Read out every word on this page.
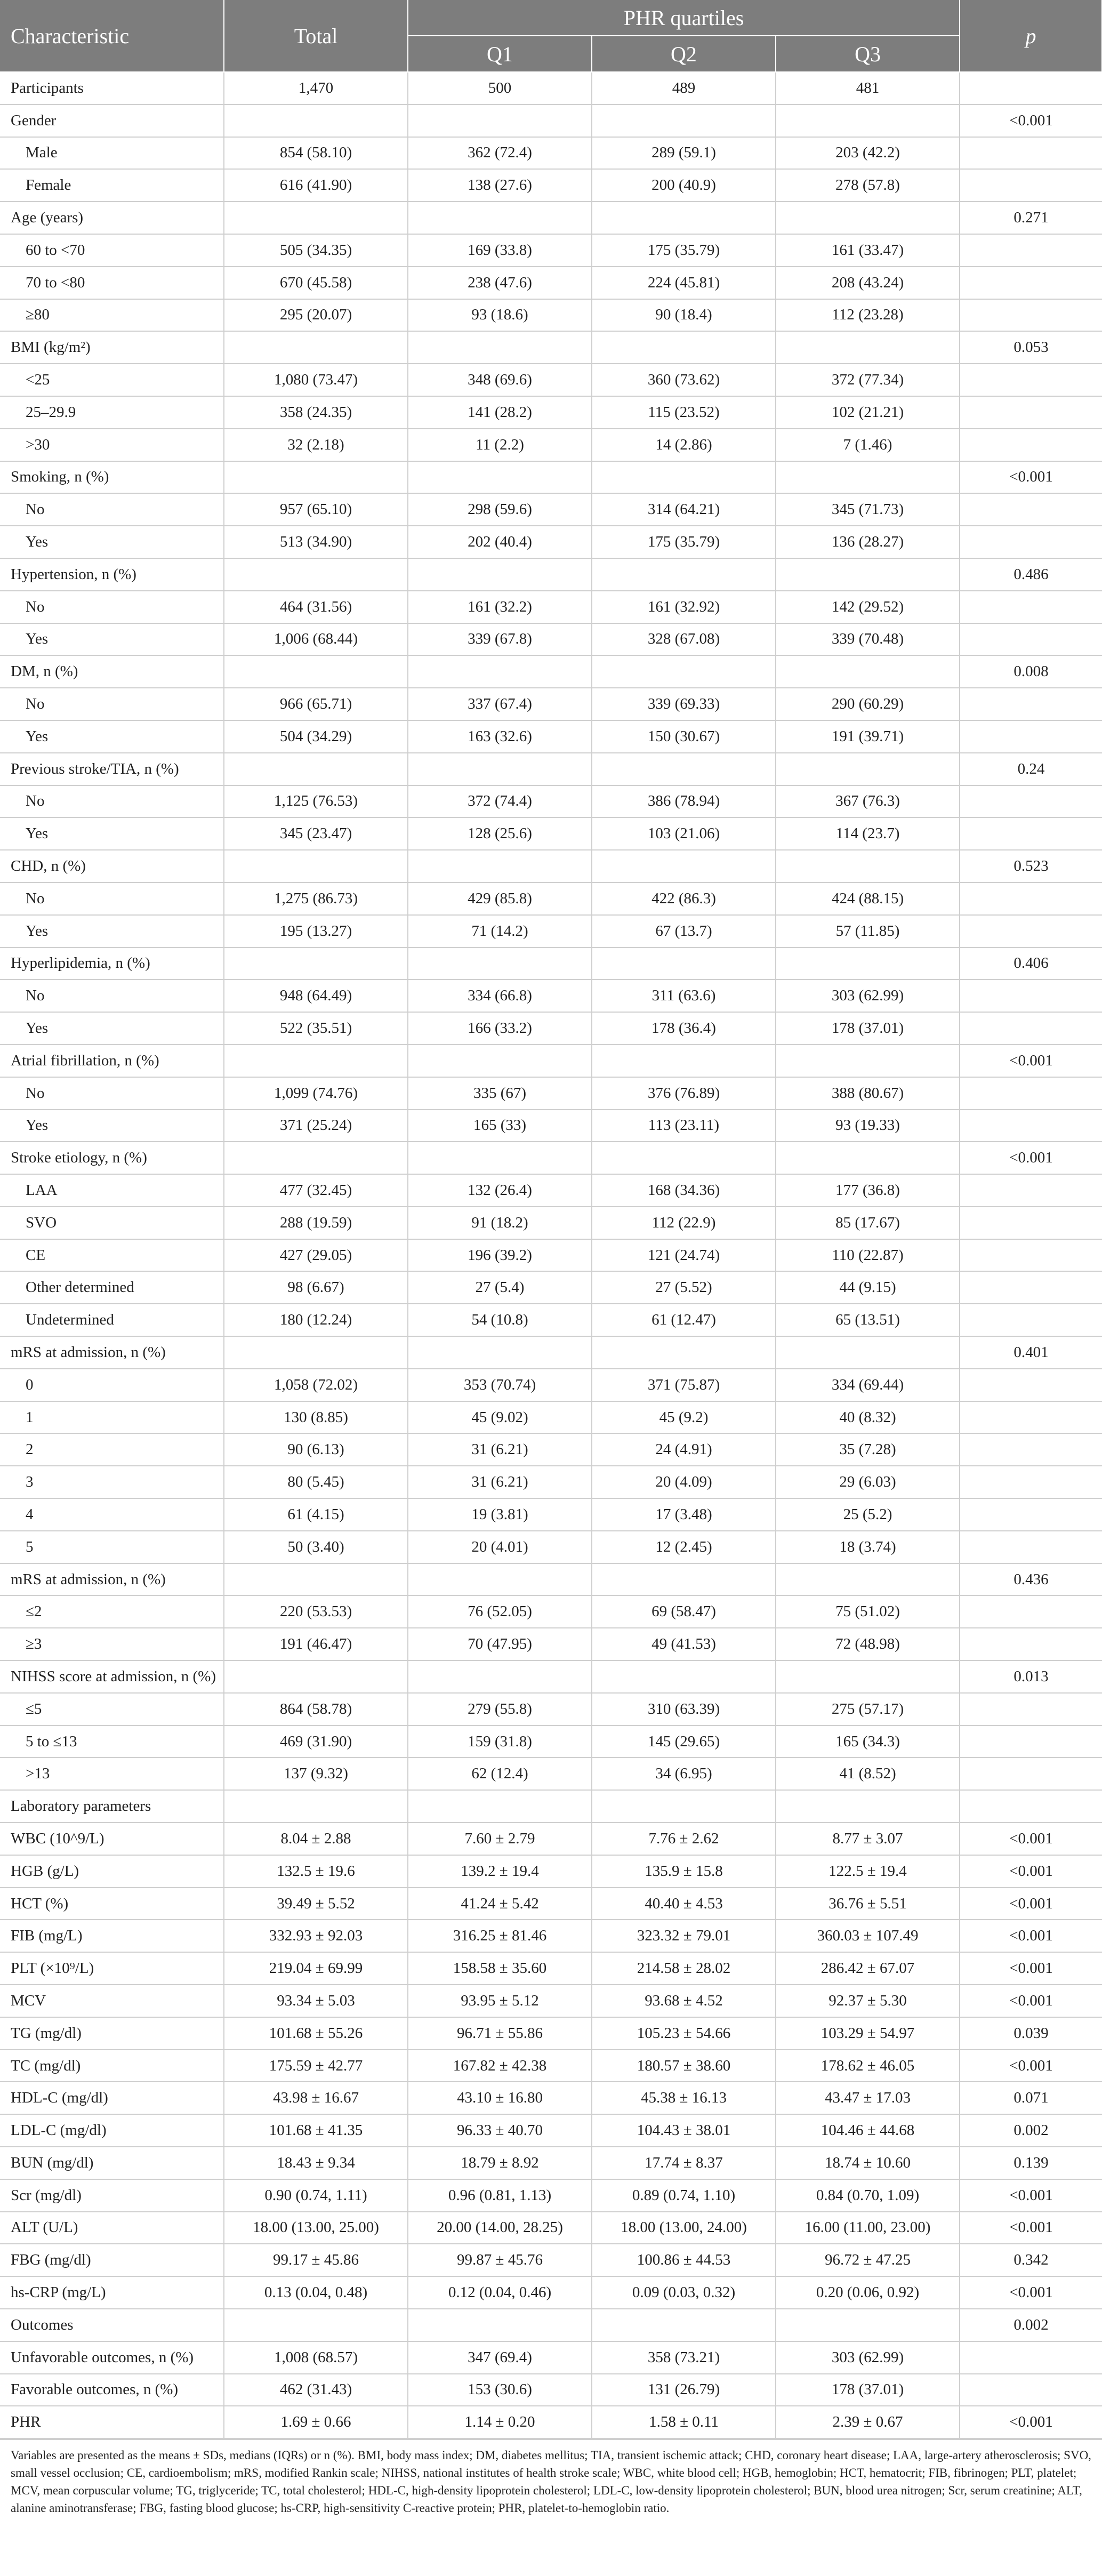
Characteristic	Total	PHR quartiles			p
		Q1	Q2	Q3	
Participants	1,470	500	489	481	
Gender					<0.001
Male	854 (58.10)	362 (72.4)	289 (59.1)	203 (42.2)	
Female	616 (41.90)	138 (27.6)	200 (40.9)	278 (57.8)	
Age (years)					0.271
60 to <70	505 (34.35)	169 (33.8)	175 (35.79)	161 (33.47)	
70 to <80	670 (45.58)	238 (47.6)	224 (45.81)	208 (43.24)	
≥80	295 (20.07)	93 (18.6)	90 (18.4)	112 (23.28)	
BMI (kg/m²)					0.053
<25	1,080 (73.47)	348 (69.6)	360 (73.62)	372 (77.34)	
25–29.9	358 (24.35)	141 (28.2)	115 (23.52)	102 (21.21)	
>30	32 (2.18)	11 (2.2)	14 (2.86)	7 (1.46)	
Smoking, n (%)					<0.001
No	957 (65.10)	298 (59.6)	314 (64.21)	345 (71.73)	
Yes	513 (34.90)	202 (40.4)	175 (35.79)	136 (28.27)	
Hypertension, n (%)					0.486
No	464 (31.56)	161 (32.2)	161 (32.92)	142 (29.52)	
Yes	1,006 (68.44)	339 (67.8)	328 (67.08)	339 (70.48)	
DM, n (%)					0.008
No	966 (65.71)	337 (67.4)	339 (69.33)	290 (60.29)	
Yes	504 (34.29)	163 (32.6)	150 (30.67)	191 (39.71)	
Previous stroke/TIA, n (%)					0.24
No	1,125 (76.53)	372 (74.4)	386 (78.94)	367 (76.3)	
Yes	345 (23.47)	128 (25.6)	103 (21.06)	114 (23.7)	
CHD, n (%)					0.523
No	1,275 (86.73)	429 (85.8)	422 (86.3)	424 (88.15)	
Yes	195 (13.27)	71 (14.2)	67 (13.7)	57 (11.85)	
Hyperlipidemia, n (%)					0.406
No	948 (64.49)	334 (66.8)	311 (63.6)	303 (62.99)	
Yes	522 (35.51)	166 (33.2)	178 (36.4)	178 (37.01)	
Atrial fibrillation, n (%)					<0.001
No	1,099 (74.76)	335 (67)	376 (76.89)	388 (80.67)	
Yes	371 (25.24)	165 (33)	113 (23.11)	93 (19.33)	
Stroke etiology, n (%)					<0.001
LAA	477 (32.45)	132 (26.4)	168 (34.36)	177 (36.8)	
SVO	288 (19.59)	91 (18.2)	112 (22.9)	85 (17.67)	
CE	427 (29.05)	196 (39.2)	121 (24.74)	110 (22.87)	
Other determined	98 (6.67)	27 (5.4)	27 (5.52)	44 (9.15)	
Undetermined	180 (12.24)	54 (10.8)	61 (12.47)	65 (13.51)	
mRS at admission, n (%)					0.401
0	1,058 (72.02)	353 (70.74)	371 (75.87)	334 (69.44)	
1	130 (8.85)	45 (9.02)	45 (9.2)	40 (8.32)	
2	90 (6.13)	31 (6.21)	24 (4.91)	35 (7.28)	
3	80 (5.45)	31 (6.21)	20 (4.09)	29 (6.03)	
4	61 (4.15)	19 (3.81)	17 (3.48)	25 (5.2)	
5	50 (3.40)	20 (4.01)	12 (2.45)	18 (3.74)	
mRS at admission, n (%)					0.436
≤2	220 (53.53)	76 (52.05)	69 (58.47)	75 (51.02)	
≥3	191 (46.47)	70 (47.95)	49 (41.53)	72 (48.98)	
NIHSS score at admission, n (%)					0.013
≤5	864 (58.78)	279 (55.8)	310 (63.39)	275 (57.17)	
5 to ≤13	469 (31.90)	159 (31.8)	145 (29.65)	165 (34.3)	
>13	137 (9.32)	62 (12.4)	34 (6.95)	41 (8.52)	
Laboratory parameters					
WBC (10^9/L)	8.04 ± 2.88	7.60 ± 2.79	7.76 ± 2.62	8.77 ± 3.07	<0.001
HGB (g/L)	132.5 ± 19.6	139.2 ± 19.4	135.9 ± 15.8	122.5 ± 19.4	<0.001
HCT (%)	39.49 ± 5.52	41.24 ± 5.42	40.40 ± 4.53	36.76 ± 5.51	<0.001
FIB (mg/L)	332.93 ± 92.03	316.25 ± 81.46	323.32 ± 79.01	360.03 ± 107.49	<0.001
PLT (×10⁹/L)	219.04 ± 69.99	158.58 ± 35.60	214.58 ± 28.02	286.42 ± 67.07	<0.001
MCV	93.34 ± 5.03	93.95 ± 5.12	93.68 ± 4.52	92.37 ± 5.30	<0.001
TG (mg/dl)	101.68 ± 55.26	96.71 ± 55.86	105.23 ± 54.66	103.29 ± 54.97	0.039
TC (mg/dl)	175.59 ± 42.77	167.82 ± 42.38	180.57 ± 38.60	178.62 ± 46.05	<0.001
HDL-C (mg/dl)	43.98 ± 16.67	43.10 ± 16.80	45.38 ± 16.13	43.47 ± 17.03	0.071
LDL-C (mg/dl)	101.68 ± 41.35	96.33 ± 40.70	104.43 ± 38.01	104.46 ± 44.68	0.002
BUN (mg/dl)	18.43 ± 9.34	18.79 ± 8.92	17.74 ± 8.37	18.74 ± 10.60	0.139
Scr (mg/dl)	0.90 (0.74, 1.11)	0.96 (0.81, 1.13)	0.89 (0.74, 1.10)	0.84 (0.70, 1.09)	<0.001
ALT (U/L)	18.00 (13.00, 25.00)	20.00 (14.00, 28.25)	18.00 (13.00, 24.00)	16.00 (11.00, 23.00)	<0.001
FBG (mg/dl)	99.17 ± 45.86	99.87 ± 45.76	100.86 ± 44.53	96.72 ± 47.25	0.342
hs-CRP (mg/L)	0.13 (0.04, 0.48)	0.12 (0.04, 0.46)	0.09 (0.03, 0.32)	0.20 (0.06, 0.92)	<0.001
Outcomes					0.002
Unfavorable outcomes, n (%)	1,008 (68.57)	347 (69.4)	358 (73.21)	303 (62.99)	
Favorable outcomes, n (%)	462 (31.43)	153 (30.6)	131 (26.79)	178 (37.01)	
PHR	1.69 ± 0.66	1.14 ± 0.20	1.58 ± 0.11	2.39 ± 0.67	<0.001
Variables are presented as the means ± SDs, medians (IQRs) or n (%). BMI, body mass index; DM, diabetes mellitus; TIA, transient ischemic attack; CHD, coronary heart disease; LAA, large-artery atherosclerosis; SVO, small vessel occlusion; CE, cardioembolism; mRS, modified Rankin scale; NIHSS, national institutes of health stroke scale; WBC, white blood cell; HGB, hemoglobin; HCT, hematocrit; FIB, fibrinogen; PLT, platelet; MCV, mean corpuscular volume; TG, triglyceride; TC, total cholesterol; HDL-C, high-density lipoprotein cholesterol; LDL-C, low-density lipoprotein cholesterol; BUN, blood urea nitrogen; Scr, serum creatinine; ALT, alanine aminotransferase; FBG, fasting blood glucose; hs-CRP, high-sensitivity C-reactive protein; PHR, platelet-to-hemoglobin ratio.
